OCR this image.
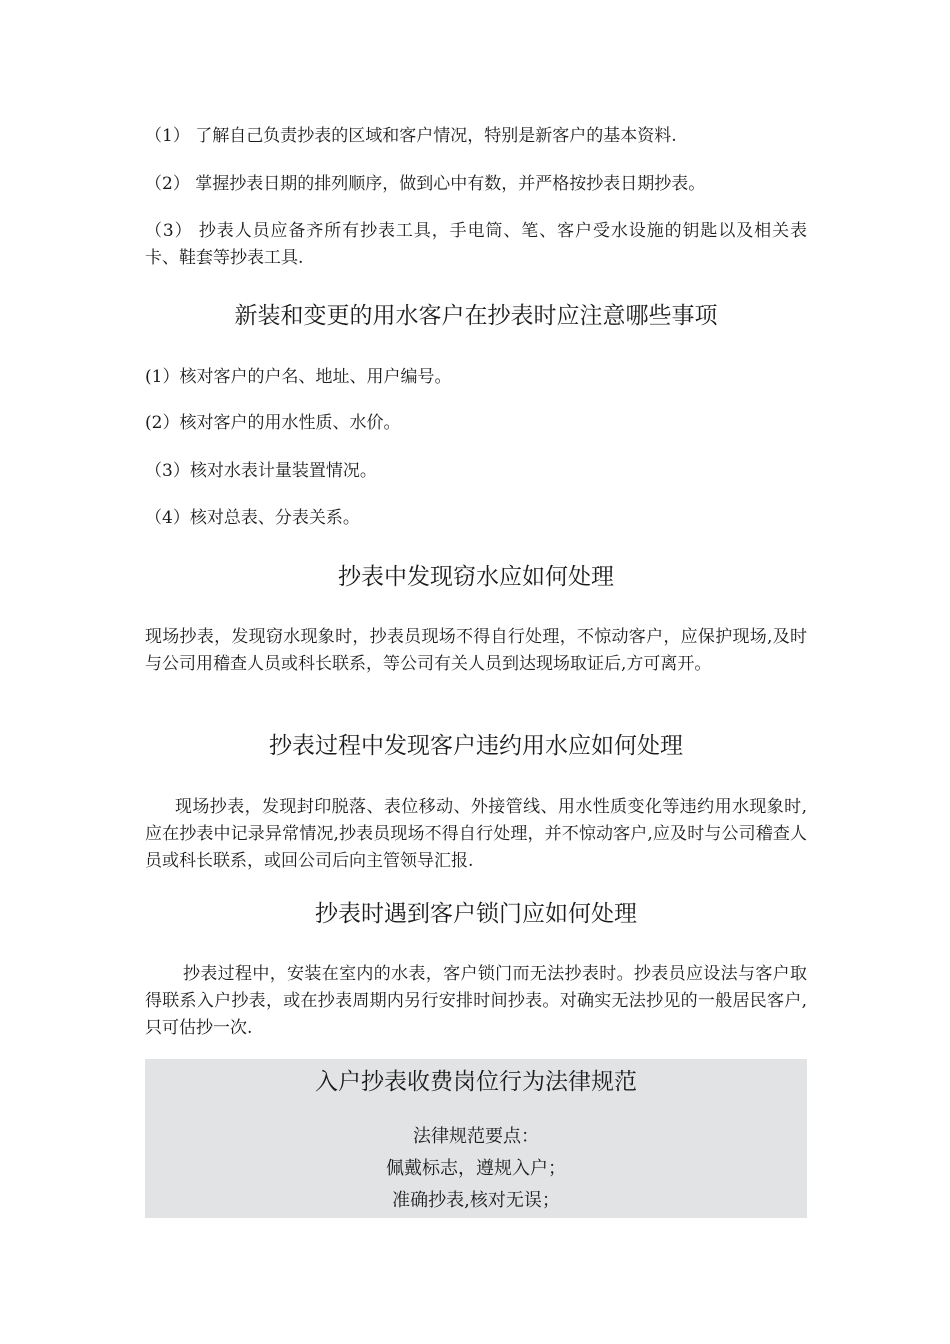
（1） 了解自己负责抄表的区域和客户情况，特别是新客户的基本资料.

（2） 掌握抄表日期的排列顺序，做到心中有数，并严格按抄表日期抄表。

（3） 抄表人员应备齐所有抄表工具，手电筒、笔、客户受水设施的钥匙以及相关表卡、鞋套等抄表工具.

新装和变更的用水客户在抄表时应注意哪些事项

(1）核对客户的户名、地址、用户编号。

(2）核对客户的用水性质、水价。

（3）核对水表计量装置情况。

（4）核对总表、分表关系。

抄表中发现窃水应如何处理

现场抄表，发现窃水现象时，抄表员现场不得自行处理，不惊动客户，应保护现场,及时与公司用稽查人员或科长联系，等公司有关人员到达现场取证后,方可离开。

抄表过程中发现客户违约用水应如何处理

现场抄表，发现封印脱落、表位移动、外接管线、用水性质变化等违约用水现象时,应在抄表中记录异常情况,抄表员现场不得自行处理，并不惊动客户,应及时与公司稽查人员或科长联系，或回公司后向主管领导汇报.

抄表时遇到客户锁门应如何处理

抄表过程中，安装在室内的水表，客户锁门而无法抄表时。抄表员应设法与客户取得联系入户抄表，或在抄表周期内另行安排时间抄表。对确实无法抄见的一般居民客户,只可估抄一次.

入户抄表收费岗位行为法律规范
法律规范要点：
佩戴标志，遵规入户；
准确抄表,核对无误；
